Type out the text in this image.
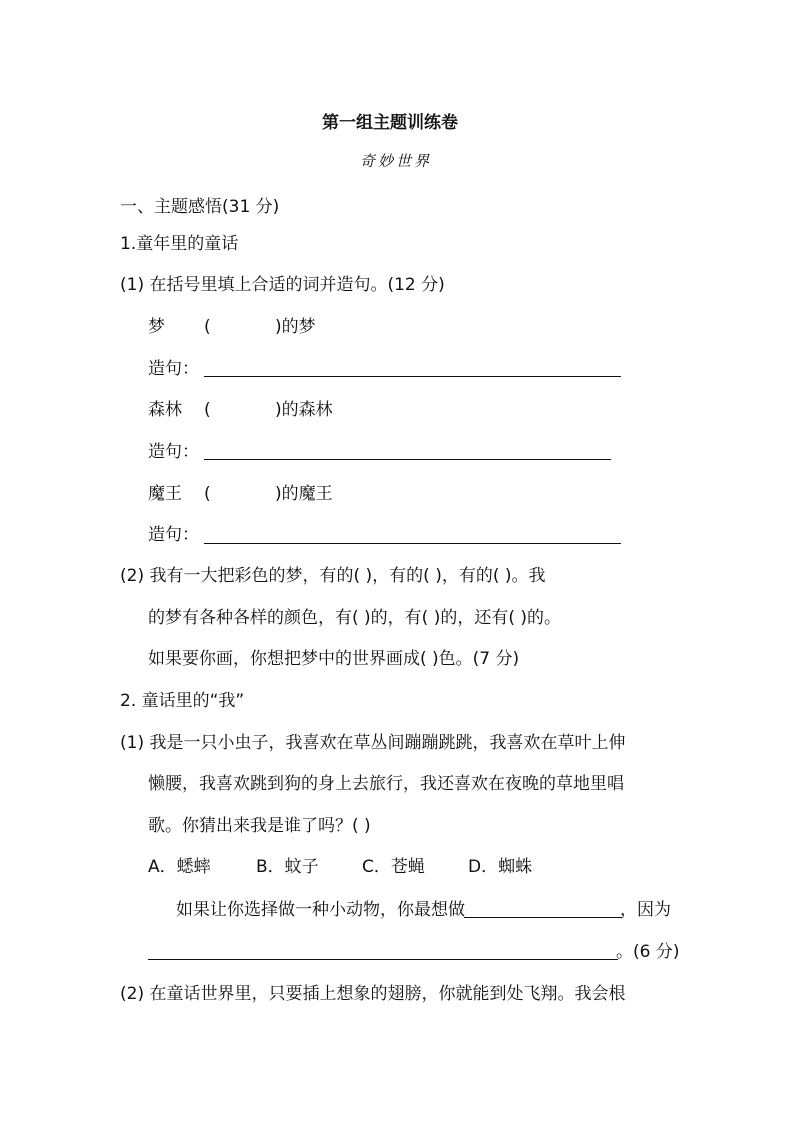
第一组主题训练卷
奇妙世界
一、主题感悟(31 分)
1.童年里的童话
(1) 在括号里填上合适的词并造句。(12 分)
梦 (	)的梦
造句：
森林 (	)的森林
造句：
魔王 (	)的魔王
造句：
(2) 我有一大把彩色的梦，有的( )，有的( )，有的( )。我
的梦有各种各样的颜色，有( )的，有( )的，还有( )的。
如果要你画，你想把梦中的世界画成( )色。(7 分)
2. 童话里的“我”
(1) 我是一只小虫子，我喜欢在草丛间蹦蹦跳跳，我喜欢在草叶上伸
懒腰，我喜欢跳到狗的身上去旅行，我还喜欢在夜晚的草地里唱
歌。你猜出来我是谁了吗？( )
A．蟋蟀	B．蚊子	C．苍蝇	D．蜘蛛
如果让你选择做一种小动物，你最想做	，因为
。(6 分)
(2) 在童话世界里，只要插上想象的翅膀，你就能到处飞翔。我会根
